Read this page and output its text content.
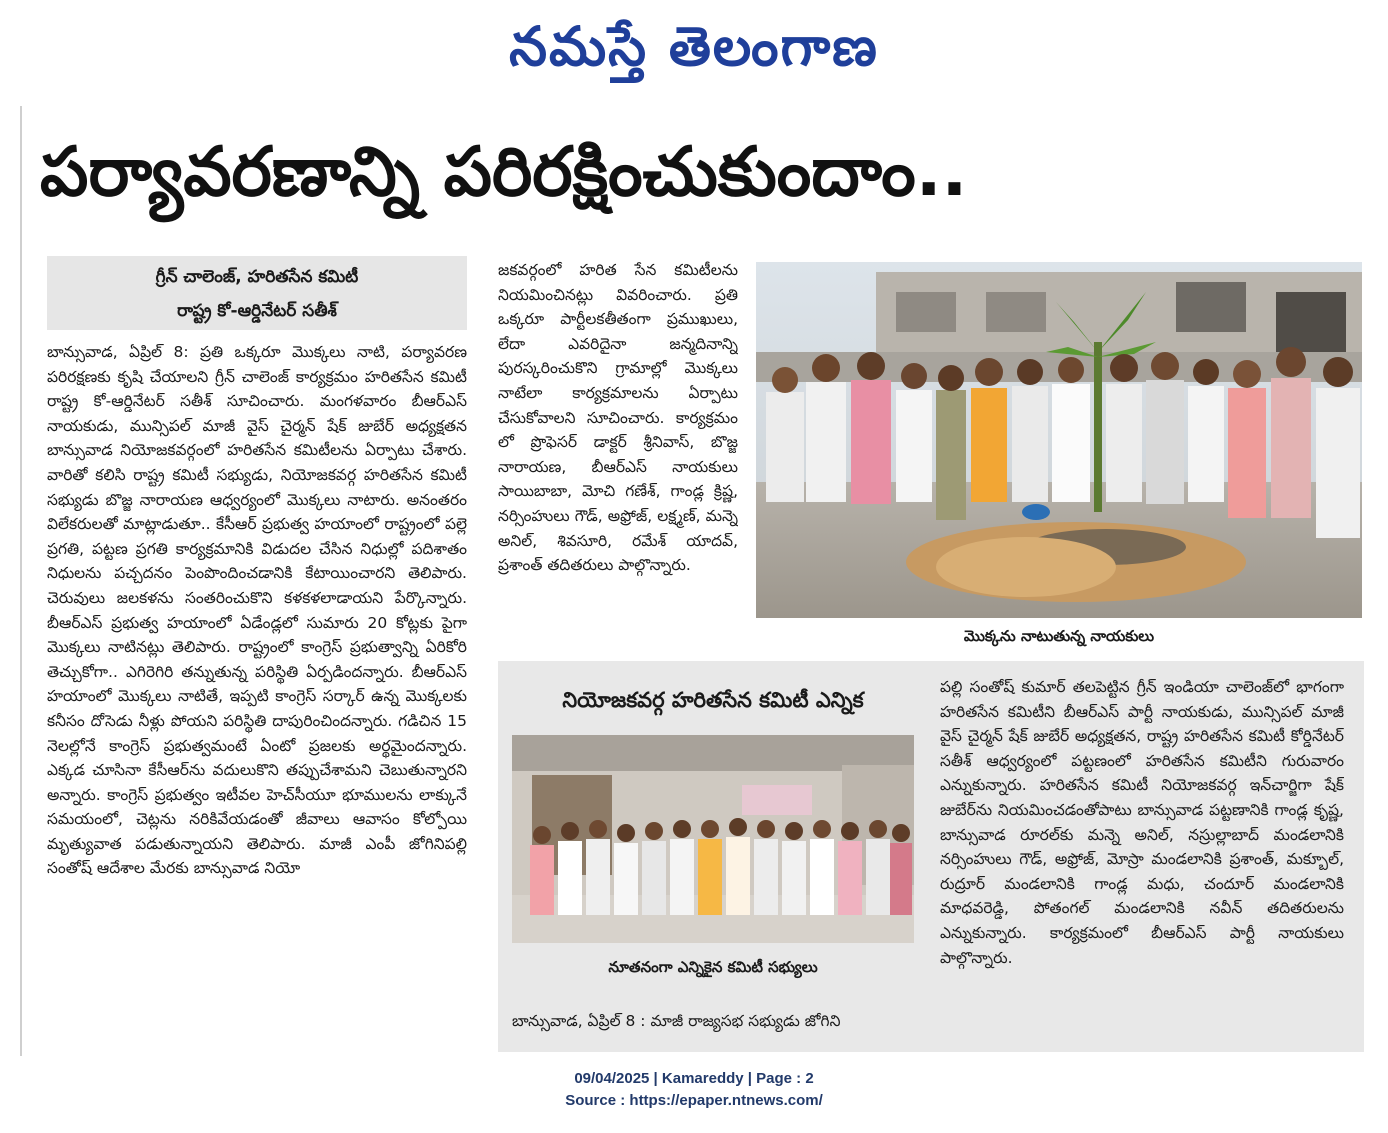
నమస్తే తెలంగాణ
పర్యావరణాన్ని పరిరక్షించుకుందాం..
గ్రీన్ చాలెంజ్, హరితసేన కమిటీ
రాష్ట్ర కో-ఆర్డినేటర్ సతీశ్
బాన్సువాడ, ఏప్రిల్ 8: ప్రతి ఒక్కరూ మొక్కలు నాటి, పర్యావరణ పరిరక్షణకు కృషి చేయాలని గ్రీన్ చాలెంజ్ కార్యక్రమం హరితసేన కమిటీ రాష్ట్ర కో-ఆర్డినేటర్ సతీశ్ సూచించారు. మంగళవారం బీఆర్ఎస్ నాయకుడు, మున్సిపల్ మాజీ వైస్ చైర్మన్ షేక్ జుబేర్ అధ్యక్షతన బాన్సువాడ నియోజకవర్గంలో హరితసేన కమిటీలను ఏర్పాటు చేశారు. వారితో కలిసి రాష్ట్ర కమిటీ సభ్యుడు, నియోజకవర్గ హరితసేన కమిటీ సభ్యుడు బొజ్జ నారాయణ ఆధ్వర్యంలో మొక్కలు నాటారు. అనంతరం విలేకరులతో మాట్లాడుతూ.. కేసీఆర్ ప్రభుత్వ హయాంలో రాష్ట్రంలో పల్లె ప్రగతి, పట్టణ ప్రగతి కార్యక్రమానికి విడుదల చేసిన నిధుల్లో పదిశాతం నిధులను పచ్చదనం పెంపొందించడానికి కేటాయించారని తెలిపారు. చెరువులు జలకళను సంతరించుకొని కళకళలాడాయని పేర్కొన్నారు. బీఆర్ఎస్ ప్రభుత్వ హయాంలో ఏడేండ్లలో సుమారు 20 కోట్లకు పైగా మొక్కలు నాటినట్లు తెలిపారు. రాష్ట్రంలో కాంగ్రెస్ ప్రభుత్వాన్ని ఏరికోరి తెచ్చుకోగా.. ఎగిరెగిరి తన్నుతున్న పరిస్థితి ఏర్పడిందన్నారు. బీఆర్ఎస్ హయాంలో మొక్కలు నాటితే, ఇప్పటి కాంగ్రెస్ సర్కార్ ఉన్న మొక్కలకు కనీసం దోసెడు నీళ్లు పోయని పరిస్థితి దాపురించిందన్నారు. గడిచిన 15 నెలల్లోనే కాంగ్రెస్ ప్రభుత్వమంటే ఏంటో ప్రజలకు అర్థమైందన్నారు. ఎక్కడ చూసినా కేసీఆర్‌ను వదులుకొని తప్పుచేశామని చెబుతున్నారని అన్నారు. కాంగ్రెస్ ప్రభుత్వం ఇటీవల హెచ్‌సీయూ భూములను లాక్కునే సమయంలో, చెట్లను నరికివేయడంతో జీవాలు ఆవాసం కోల్పోయి మృత్యువాత పడుతున్నాయని తెలిపారు. మాజీ ఎంపీ జోగినిపల్లి సంతోష్ ఆదేశాల మేరకు బాన్సువాడ నియో
జకవర్గంలో హరిత సేన కమిటీలను నియమించినట్లు వివరించారు. ప్రతి ఒక్కరూ పార్టీలకతీతంగా ప్రముఖులు, లేదా ఎవరిదైనా జన్మదినాన్ని పురస్కరించుకొని గ్రామాల్లో మొక్కలు నాటేలా కార్యక్రమాలను ఏర్పాటు చేసుకోవాలని సూచించారు. కార్యక్రమం లో ప్రొఫెసర్ డాక్టర్ శ్రీనివాస్, బొజ్జ నారాయణ, బీఆర్ఎస్ నాయకులు సాయిబాబా, మోచి గణేశ్, గాండ్ల క్రిష్ణ, నర్సింహులు గౌడ్, అఫ్రోజ్, లక్ష్మణ్, మన్నె అనిల్, శివసూరి, రమేశ్ యాదవ్, ప్రశాంత్ తదితరులు పాల్గొన్నారు.
మొక్కను నాటుతున్న నాయకులు
నియోజకవర్గ హరితసేన కమిటీ ఎన్నిక
నూతనంగా ఎన్నికైన కమిటీ సభ్యులు
బాన్సువాడ, ఏప్రిల్ 8 : మాజీ రాజ్యసభ సభ్యుడు జోగిని
పల్లి సంతోష్ కుమార్ తలపెట్టిన గ్రీన్ ఇండియా చాలెంజ్‌లో భాగంగా హరితసేన కమిటీని బీఆర్ఎస్ పార్టీ నాయకుడు, మున్సిపల్ మాజీ వైస్ చైర్మన్ షేక్ జుబేర్ అధ్యక్షతన, రాష్ట్ర హరితసేన కమిటీ కోర్డినేటర్ సతీశ్ ఆధ్వర్యంలో పట్టణంలో హరితసేన కమిటీని గురువారం ఎన్నుకున్నారు. హరితసేన కమిటీ నియోజకవర్గ ఇన్‌చార్జిగా షేక్ జుబేర్‌ను నియమించడంతోపాటు బాన్సువాడ పట్టణానికి గాండ్ల కృష్ణ, బాన్సువాడ రూరల్‌కు మన్నె అనిల్, నస్రుల్లాబాద్ మండలానికి నర్సింహులు గౌడ్, అఫ్రోజ్, మోస్రా మండలానికి ప్రశాంత్, మక్బూల్, రుద్రూర్ మండలానికి గాండ్ల మధు, చందూర్ మండలానికి మాధవరెడ్డి, పోతంగల్ మండలానికి నవీన్ తదితరులను ఎన్నుకున్నారు. కార్యక్రమంలో బీఆర్ఎస్ పార్టీ నాయకులు పాల్గొన్నారు.
09/04/2025 | Kamareddy | Page : 2
Source : https://epaper.ntnews.com/
